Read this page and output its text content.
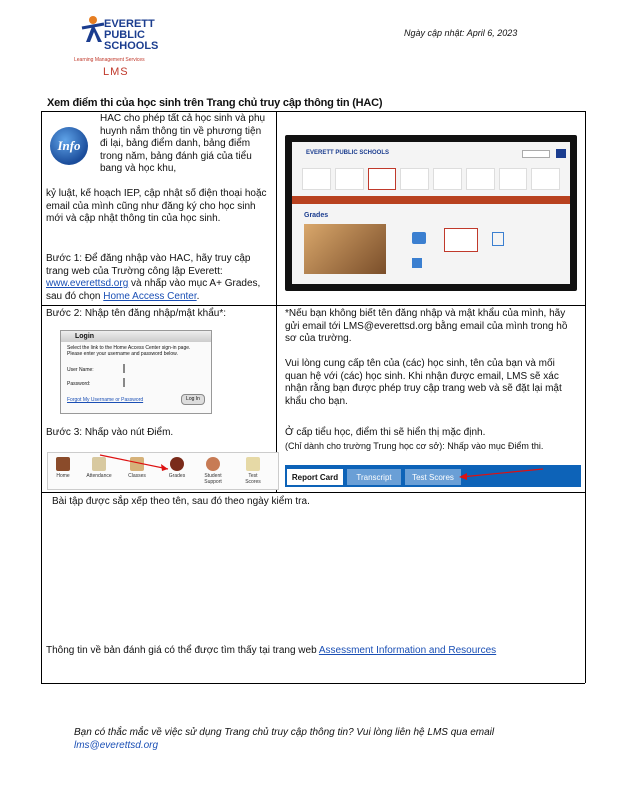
EVERETT
PUBLIC
SCHOOLS
Learning Management Services
LMS
Ngày cập nhật: April 6, 2023
Xem điểm thi của học sinh trên Trang chủ truy cập thông tin (HAC)
Info
HAC cho phép tất cả học sinh và phụ huynh nắm thông tin về phương tiện đi lại, bảng điểm danh, bảng điểm trong năm, bảng đánh giá của tiểu bang và học khu,
kỷ luật, kế hoạch IEP, cập nhật số điện thoại hoặc email của mình cũng như đăng ký cho học sinh mới và cập nhật thông tin của học sinh.
Bước 1: Để đăng nhập vào HAC, hãy truy cập trang web của Trường công lập Everett: www.everettsd.org và nhấp vào mục A+ Grades, sau đó chọn Home Access Center.
EVERETT PUBLIC SCHOOLS
Grades
Bước 2: Nhập tên đăng nhập/mật khẩu*:
Login
Select the link to the Home Access Center sign-in page.
Please enter your username and password below.
User Name:
Password:
Forgot My Username or Password	Log In
*Nếu bạn không biết tên đăng nhập và mật khẩu của mình, hãy gửi email tới LMS@everettsd.org bằng email của mình trong hồ sơ của trường.
Vui lòng cung cấp tên của (các) học sinh, tên của bạn và mối quan hệ với (các) học sinh. Khi nhận được email, LMS sẽ xác nhận rằng bạn được phép truy cập trang web và sẽ đặt lại mật khẩu cho bạn.
Bước 3: Nhấp vào nút Điểm.
Home	Attendance	Classes	Grades	Student Support
Test Scores
Ở cấp tiểu học, điểm thi sẽ hiển thị mặc định.
(Chỉ dành cho trường Trung học cơ sở): Nhấp vào mục Điểm thi.
Report Card	Transcript	Test Scores
Bài tập được sắp xếp theo tên, sau đó theo ngày kiểm tra.
Thông tin về bản đánh giá có thể được tìm thấy tại trang web Assessment Information and Resources
Bạn có thắc mắc về việc sử dụng Trang chủ truy cập thông tin? Vui lòng liên hệ LMS qua email
lms@everettsd.org
